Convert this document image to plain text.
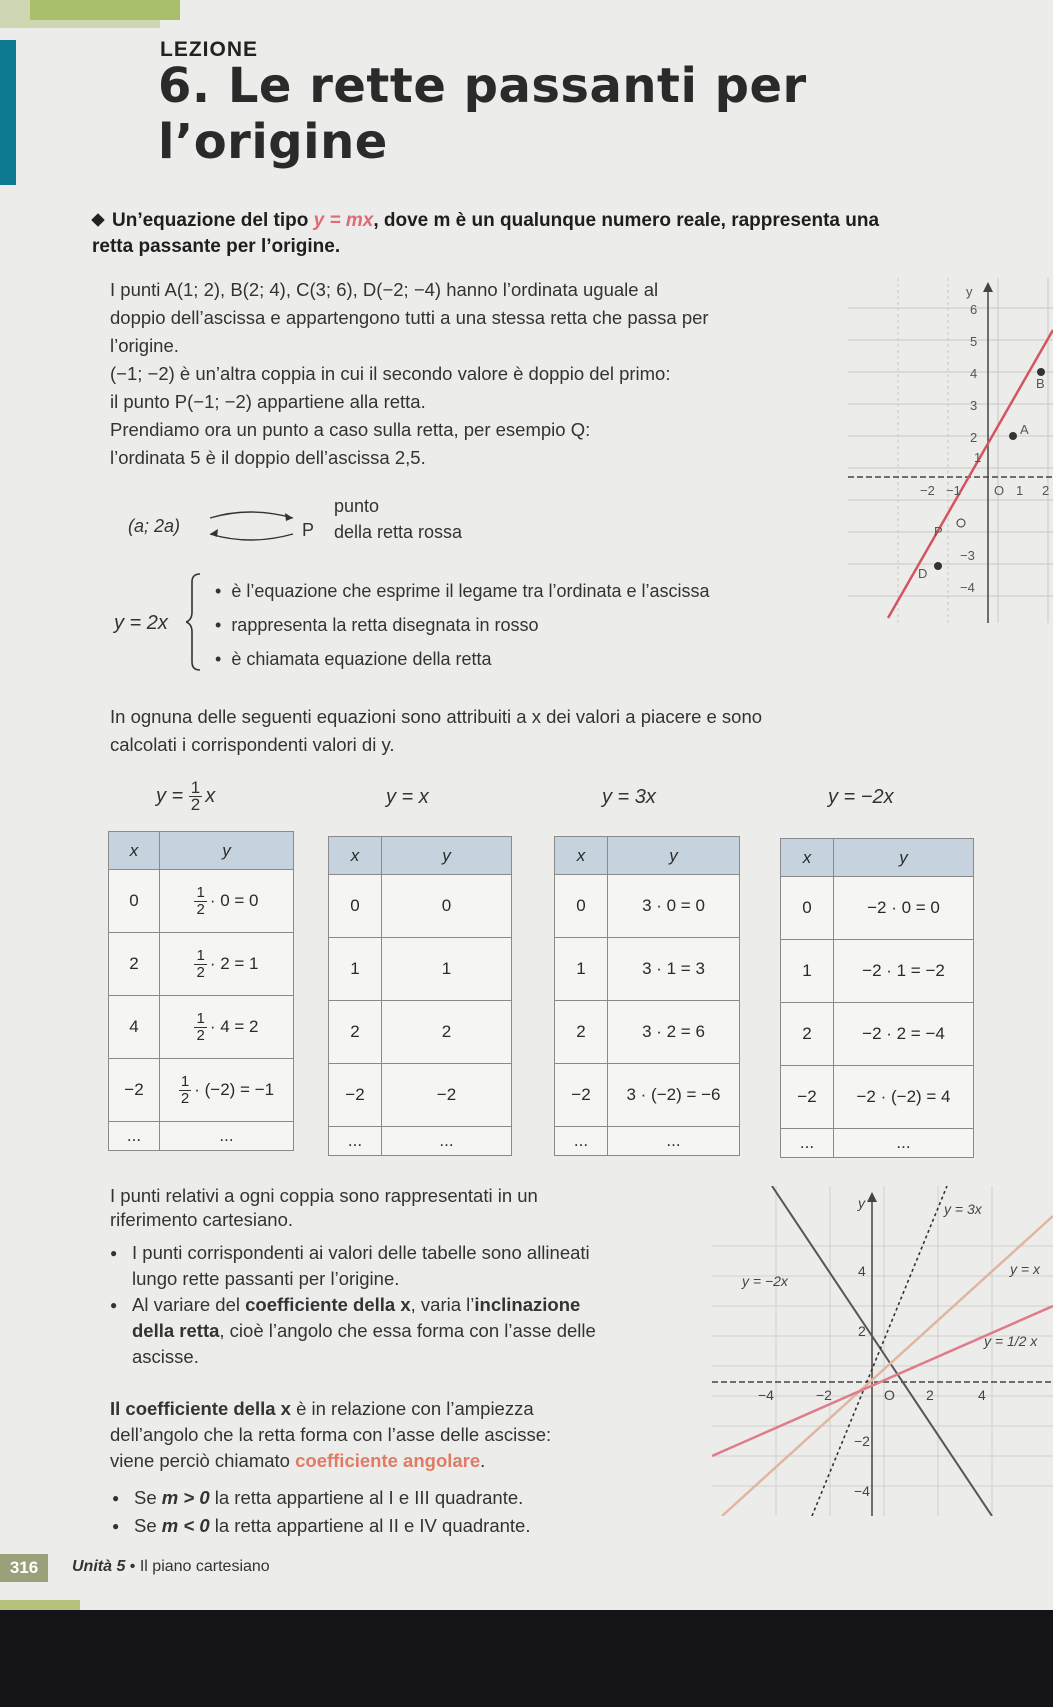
LEZIONE
6. Le rette passanti per l’origine
Un’equazione del tipo y = mx, dove m è un qualunque numero reale, rappresenta una retta passante per l’origine.
I punti A(1; 2), B(2; 4), C(3; 6), D(−2; −4) hanno l’ordinata uguale al
doppio dell’ascissa e appartengono tutti a una stessa retta che passa per
l’origine.
(−1; −2) è un’altra coppia in cui il secondo valore è doppio del primo:
il punto P(−1; −2) appartiene alla retta.
Prendiamo ora un punto a caso sulla retta, per esempio Q:
l’ordinata 5 è il doppio dell’ascissa 2,5.
(a; 2a)	P
punto
della retta rossa
y = 2x
• è l’equazione che esprime il legame tra l’ordinata e l’ascissa
• rappresenta la retta disegnata in rosso
• è chiamata equazione della retta
y
6
5
4
3
2
1
−3
−4
−2 −1	O 1 2
B
A
P
D
In ognuna delle seguenti equazioni sono attribuiti a x dei valori a piacere e sono
calcolati i corrispondenti valori di y.
$y = \frac{1}{2}$ x	y = x	y = 3x	y = −2x
x	y
0	$\frac{1}{2} \cdot 0 = 0$
2	$\frac{1}{2} \cdot 2 = 1$
4	$\frac{1}{2} \cdot 4 = 2$
−2	$\frac{1}{2} \cdot (-2) = -1$
...	...
x	y
0	0
1	1
2	2
−2	−2
...	...
x	y
0	3 · 0 = 0
1	3 · 1 = 3
2	3 · 2 = 6
−2	3 · (−2) = −6
...	...
x	y
0	−2 · 0 = 0
1	−2 · 1 = −2
2	−2 · 2 = −4
−2	−2 · (−2) = 4
...	...
I punti relativi a ogni coppia sono rappresentati in un
riferimento cartesiano.
● I punti corrispondenti ai valori delle tabelle sono allineati
lungo rette passanti per l’origine.
● Al variare del coefficiente della x, varia l’inclinazione
della retta, cioè l’angolo che essa forma con l’asse delle
ascisse.
Il coefficiente della x è in relazione con l’ampiezza
dell’angolo che la retta forma con l’asse delle ascisse:
viene perciò chiamato coefficiente angolare.
● Se m > 0 la retta appartiene al I e III quadrante.
● Se m < 0 la retta appartiene al II e IV quadrante.
y	y = 3x
y = x
y = −2x
y = 1/2 x
−4	−2	O 2	4
4
2
−2
−4
316	Unità 5 • Il piano cartesiano
